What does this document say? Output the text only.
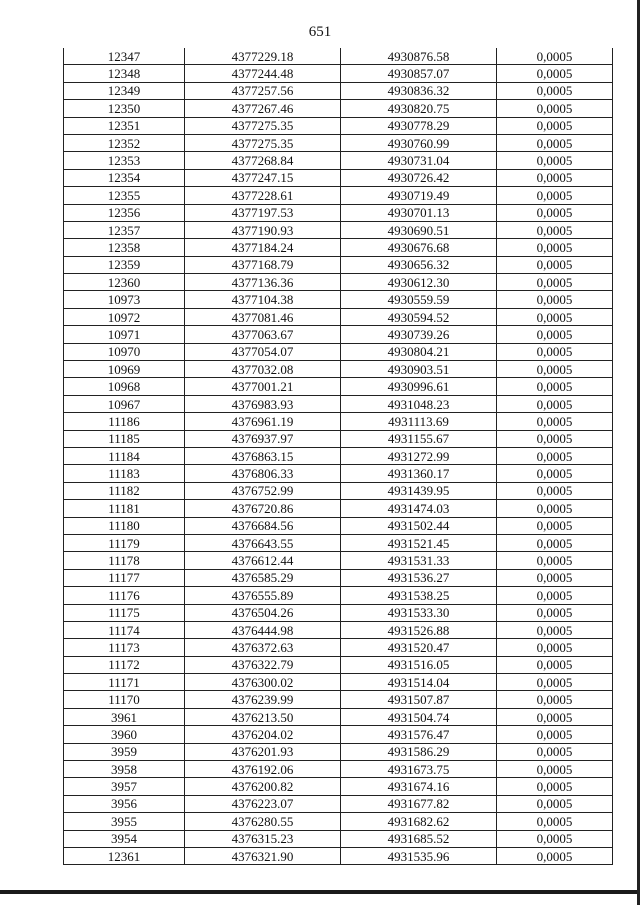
651
12347	4377229.18	4930876.58	0,0005
12348	4377244.48	4930857.07	0,0005
12349	4377257.56	4930836.32	0,0005
12350	4377267.46	4930820.75	0,0005
12351	4377275.35	4930778.29	0,0005
12352	4377275.35	4930760.99	0,0005
12353	4377268.84	4930731.04	0,0005
12354	4377247.15	4930726.42	0,0005
12355	4377228.61	4930719.49	0,0005
12356	4377197.53	4930701.13	0,0005
12357	4377190.93	4930690.51	0,0005
12358	4377184.24	4930676.68	0,0005
12359	4377168.79	4930656.32	0,0005
12360	4377136.36	4930612.30	0,0005
10973	4377104.38	4930559.59	0,0005
10972	4377081.46	4930594.52	0,0005
10971	4377063.67	4930739.26	0,0005
10970	4377054.07	4930804.21	0,0005
10969	4377032.08	4930903.51	0,0005
10968	4377001.21	4930996.61	0,0005
10967	4376983.93	4931048.23	0,0005
11186	4376961.19	4931113.69	0,0005
11185	4376937.97	4931155.67	0,0005
11184	4376863.15	4931272.99	0,0005
11183	4376806.33	4931360.17	0,0005
11182	4376752.99	4931439.95	0,0005
11181	4376720.86	4931474.03	0,0005
11180	4376684.56	4931502.44	0,0005
11179	4376643.55	4931521.45	0,0005
11178	4376612.44	4931531.33	0,0005
11177	4376585.29	4931536.27	0,0005
11176	4376555.89	4931538.25	0,0005
11175	4376504.26	4931533.30	0,0005
11174	4376444.98	4931526.88	0,0005
11173	4376372.63	4931520.47	0,0005
11172	4376322.79	4931516.05	0,0005
11171	4376300.02	4931514.04	0,0005
11170	4376239.99	4931507.87	0,0005
3961	4376213.50	4931504.74	0,0005
3960	4376204.02	4931576.47	0,0005
3959	4376201.93	4931586.29	0,0005
3958	4376192.06	4931673.75	0,0005
3957	4376200.82	4931674.16	0,0005
3956	4376223.07	4931677.82	0,0005
3955	4376280.55	4931682.62	0,0005
3954	4376315.23	4931685.52	0,0005
12361	4376321.90	4931535.96	0,0005
